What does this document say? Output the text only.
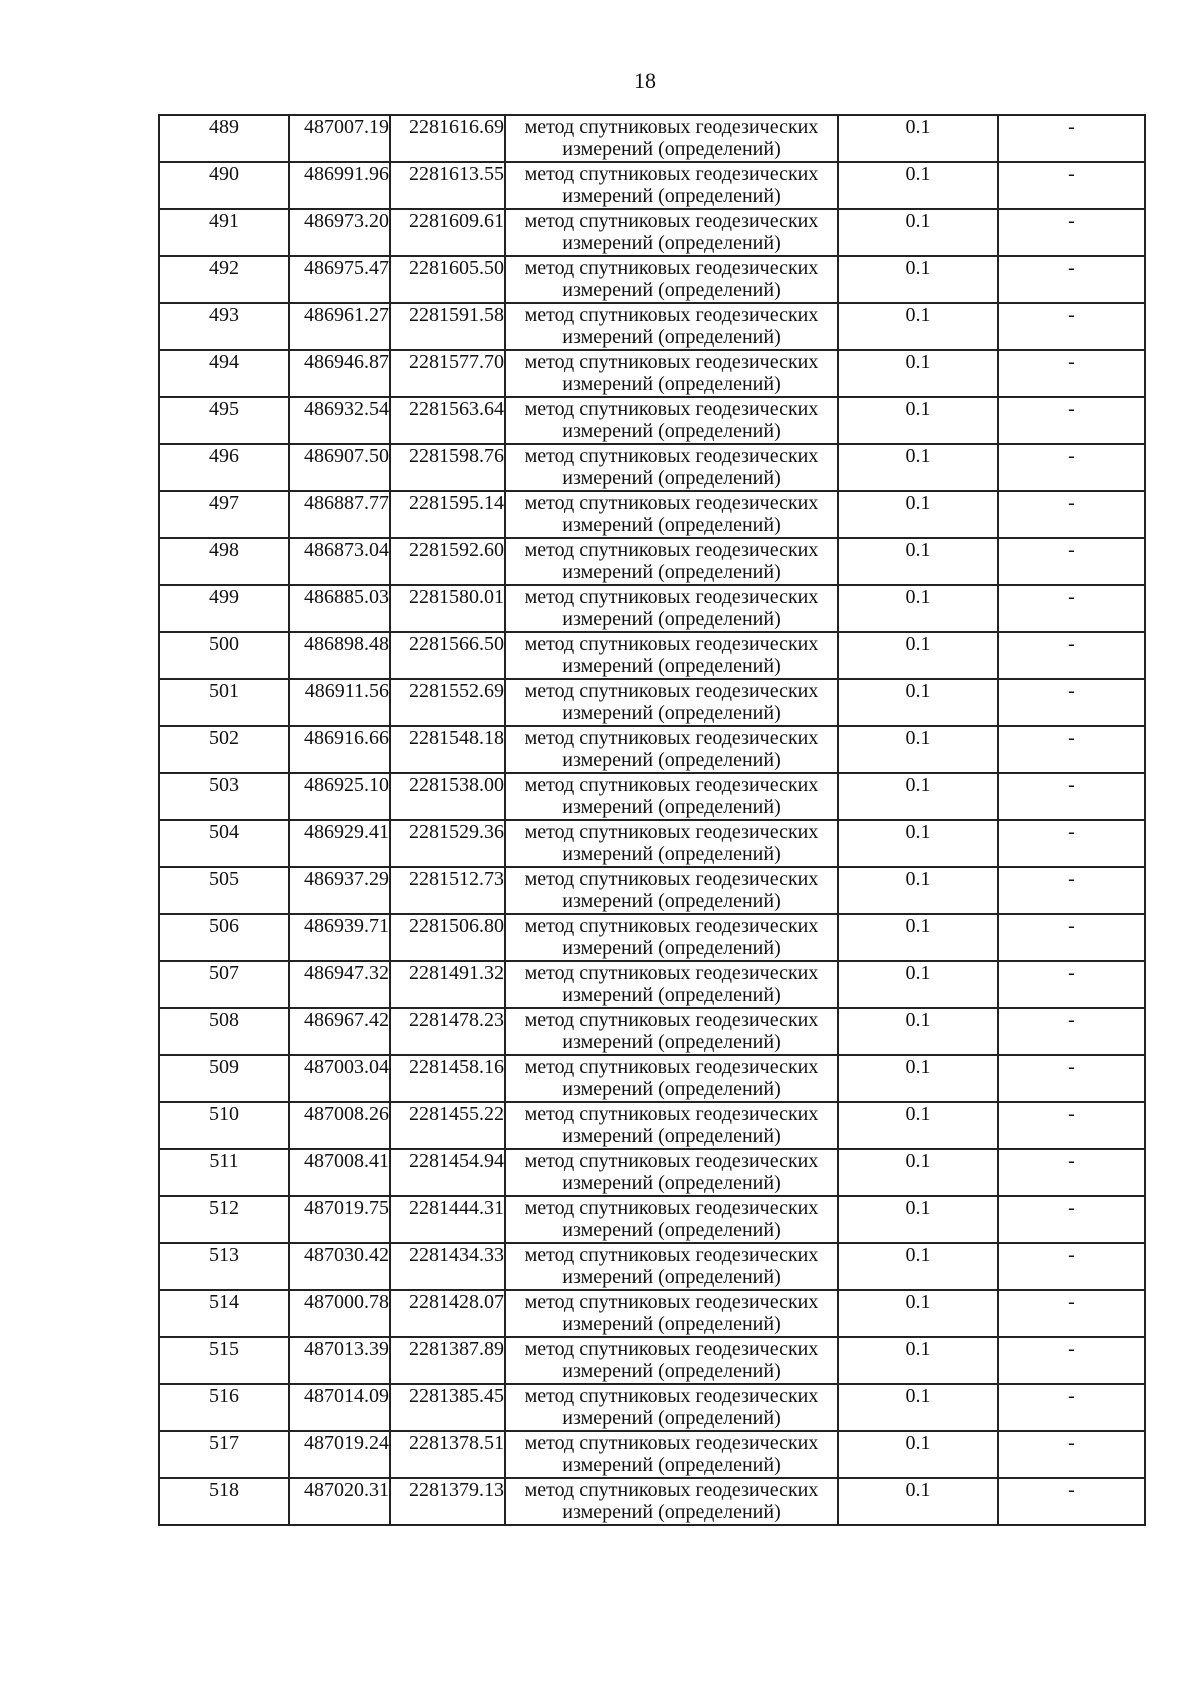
18
489	487007.19	2281616.69	метод спутниковых геодезических измерений (определений)	0.1	-
490	486991.96	2281613.55	метод спутниковых геодезических измерений (определений)	0.1	-
491	486973.20	2281609.61	метод спутниковых геодезических измерений (определений)	0.1	-
492	486975.47	2281605.50	метод спутниковых геодезических измерений (определений)	0.1	-
493	486961.27	2281591.58	метод спутниковых геодезических измерений (определений)	0.1	-
494	486946.87	2281577.70	метод спутниковых геодезических измерений (определений)	0.1	-
495	486932.54	2281563.64	метод спутниковых геодезических измерений (определений)	0.1	-
496	486907.50	2281598.76	метод спутниковых геодезических измерений (определений)	0.1	-
497	486887.77	2281595.14	метод спутниковых геодезических измерений (определений)	0.1	-
498	486873.04	2281592.60	метод спутниковых геодезических измерений (определений)	0.1	-
499	486885.03	2281580.01	метод спутниковых геодезических измерений (определений)	0.1	-
500	486898.48	2281566.50	метод спутниковых геодезических измерений (определений)	0.1	-
501	486911.56	2281552.69	метод спутниковых геодезических измерений (определений)	0.1	-
502	486916.66	2281548.18	метод спутниковых геодезических измерений (определений)	0.1	-
503	486925.10	2281538.00	метод спутниковых геодезических измерений (определений)	0.1	-
504	486929.41	2281529.36	метод спутниковых геодезических измерений (определений)	0.1	-
505	486937.29	2281512.73	метод спутниковых геодезических измерений (определений)	0.1	-
506	486939.71	2281506.80	метод спутниковых геодезических измерений (определений)	0.1	-
507	486947.32	2281491.32	метод спутниковых геодезических измерений (определений)	0.1	-
508	486967.42	2281478.23	метод спутниковых геодезических измерений (определений)	0.1	-
509	487003.04	2281458.16	метод спутниковых геодезических измерений (определений)	0.1	-
510	487008.26	2281455.22	метод спутниковых геодезических измерений (определений)	0.1	-
511	487008.41	2281454.94	метод спутниковых геодезических измерений (определений)	0.1	-
512	487019.75	2281444.31	метод спутниковых геодезических измерений (определений)	0.1	-
513	487030.42	2281434.33	метод спутниковых геодезических измерений (определений)	0.1	-
514	487000.78	2281428.07	метод спутниковых геодезических измерений (определений)	0.1	-
515	487013.39	2281387.89	метод спутниковых геодезических измерений (определений)	0.1	-
516	487014.09	2281385.45	метод спутниковых геодезических измерений (определений)	0.1	-
517	487019.24	2281378.51	метод спутниковых геодезических измерений (определений)	0.1	-
518	487020.31	2281379.13	метод спутниковых геодезических измерений (определений)	0.1	-
